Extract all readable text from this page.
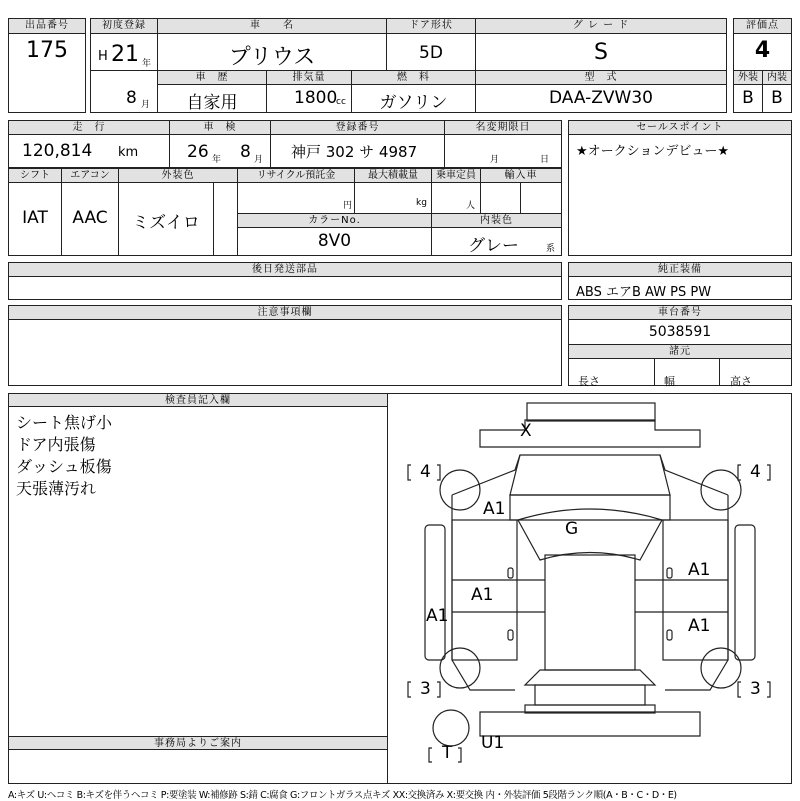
出品番号
175
初度登録
H 21 年
車　　名
プリウス
ドア形状
5D
グ レ ー ド
S
評価点
4
8 月
車　歴
自家用
排気量
1800
cc
燃　料
ガソリン
型　式
DAA-ZVW30
外装 内装
B	B
走　行
120,814 km
車　検
26 年 8 月
登録番号
神戸 302 サ 4987
名変期限日
月	日
セールスポイント
★オークションデビュー★
シフト	エアコン	外装色
IAT	AAC	ミズイロ
リサイクル預託金	最大積載量	乗車定員	輸入車
円	kg	人
カラーNo.	内装色
8V0	グレー	系
後日発送部品
注意事項欄
純正装備
ABS エアB AW PS PW
車台番号
5038591
諸元
長さ	幅	高さ
検査員記入欄
シート焦げ小
ドア内張傷
ダッシュ板傷
天張薄汚れ
事務局よりご案内
X
4	4
3	3
A1
G
A1
A1
A1	A1
T U1
A:キズ U:ヘコミ B:キズを伴うヘコミ P:要塗装 W:補修跡 S:錆 C:腐食 G:フロントガラス点キズ XX:交換済み X:要交換 内・外装評価 5段階ランク順(A・B・C・D・E)
